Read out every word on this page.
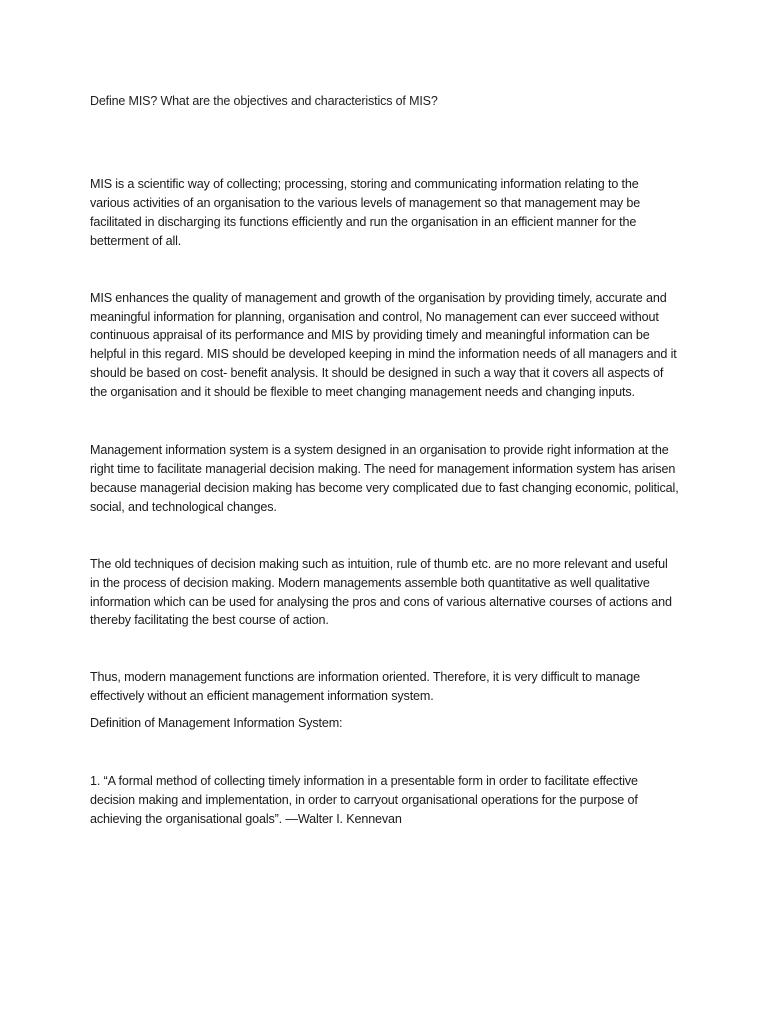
Define MIS? What are the objectives and characteristics of MIS?

MIS is a scientific way of collecting; processing, storing and communicating information relating to the various activities of an organisation to the various levels of management so that management may be facilitated in discharging its functions efficiently and run the organisation in an efficient manner for the betterment of all.

MIS enhances the quality of management and growth of the organisation by providing timely, accurate and meaningful information for planning, organisation and control, No management can ever succeed without continuous appraisal of its performance and MIS by providing timely and meaningful information can be helpful in this regard. MIS should be developed keeping in mind the information needs of all managers and it should be based on cost- benefit analysis. It should be designed in such a way that it covers all aspects of the organisation and it should be flexible to meet changing management needs and changing inputs.

Management information system is a system designed in an organisation to provide right information at the right time to facilitate managerial decision making. The need for management information system has arisen because managerial decision making has become very complicated due to fast changing economic, political, social, and technological changes.

The old techniques of decision making such as intuition, rule of thumb etc. are no more relevant and useful in the process of decision making. Modern managements assemble both quantitative as well qualitative information which can be used for analysing the pros and cons of various alternative courses of actions and thereby facilitating the best course of action.

Thus, modern management functions are information oriented. Therefore, it is very difficult to manage effectively without an efficient management information system.

Definition of Management Information System:

1. “A formal method of collecting timely information in a presentable form in order to facilitate effective decision making and implementation, in order to carryout organisational operations for the purpose of achieving the organisational goals”. —Walter I. Kennevan
